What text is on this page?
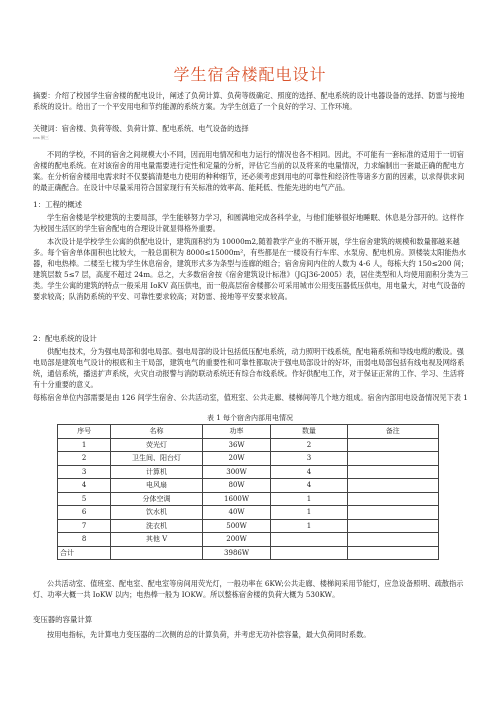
学生宿舍楼配电设计
摘要：介绍了校园学生宿舍楼的配电设计，阐述了负荷计算、负荷等级确定、照度的选择、配电系统的设计电器设备的选择、防雷与接地系统的设计。给出了一个平安用电和节约能源的系统方案。为学生创造了一个良好的学习、工作环境。
关键词：宿舍楼、负荷等级、负荷计算、配电系统、电气设备的选择
ces 倒三
不同的学校，不同的宿舍之间规模大小不同，因而用电情况和电力运行的情况也各不相同。因此，不可能有一套标准的适用于一切宿舍楼的配电系统。在对该宿舍的用电量需要进行定性和定量的分析，评估它当前的以及将来的电量情况，力求编制出一套最正确的配电方案。在分析宿舍楼用电需求时不仅要搞清楚电力使用的种种细节，还必须考虑到用电的可靠性和经济性等诸多方面的因素，以求得供求间的最正确配合。在设计中尽量采用符合国家现行有关标准的效率高、能耗低、性能先进的电气产品。
1：工程的概述
学生宿舍楼是学校建筑的主要局部，学生能够努力学习，和圆满地完成各科学业，与他们能够很好地睡眠、休息是分部开的。这样作为校园生活区的学生宿舍配电的合理设计就显得格外重要。
本次设计是学校学生公寓的供配电设计，建筑面积约为 10000m2,随着教学产业的不断开展，学生宿舍建筑的规模和数量都越来越多。每个宿舍单体面积也比较大，一般总面积为 8000≤15000m²，有些都是在一楼设有行车库、水泵房、配电机房。顶楼装太阳能热水器，和电热棒。二楼至七楼为学生休息宿舍，建筑形式多为条型与连廊的组合；宿舍房间内住的人数为 4-6 人，每栋大约 150≤200 间；建筑层数 5≤7 层，高度不超过 24m。总之，大多数宿舍按《宿舍建筑设计标准》（JGJ36-2005）表，居住类型和人均使用面积分类为三类。学生公寓的建筑的特点一般采用 IoKV 高压供电，而一般高层宿舍楼都公可采用城市公用变压器低压供电，用电量大，对电气设备的要求较高；队消防系统的平安、可靠性要求较高；对防雷、接地等平安要求较高。
2：配电系统的设计
供配电技术，分为强电局部和弱电局部。强电局部的设计包括低压配电系统，动力照明干线系统，配电箱系统和导线电缆的敷设。强电局部是建筑电气设计的根底和主干局部，建筑电气的重要性和可靠性都取决于强电局部设计的好坏，而弱电局部包括有线电视及网络系统，通信系统，播送扩声系统，火灾自动报警与消防联动系统还有综合布线系统。作好供配电工作，对于保证正常的工作、学习、生活将有十分重要的意义。
每栋宿舍单位内部需要是由 126 间学生宿舍、公共活动室，值班室、公共走廊、楼梯间等几个地方组成。宿舍内部用电设备情况见下表 1
表 1 每个宿舍内部用电情况
序号	名称	功率	数量	备注
1	荧光灯	36W	2	
2	卫生间、阳台灯	20W	3	
3	计算机	300W	4	
4	电风扇	80W	4	
5	分体空调	1600W	1	
6	饮水机	40W	1	
7	洗衣机	500W	1	
8	其他 V	200W		
合计		3986W		
公共活动室、值班室、配电室、配电室等房间用荧光灯，一般功率在 6KW;公共走廊、楼梯间采用节能灯，应急设备照明、疏散指示灯、功率大概一共 IoKW 以内；电热棒一般为 IOKW。所以整栋宿舍楼的负荷大概为 530KW。
变压器的容量计算
按用电指标，先计算电力变压器的二次侧的总的计算负荷，并考虑无功补偿容量，最大负荷同时系数。
